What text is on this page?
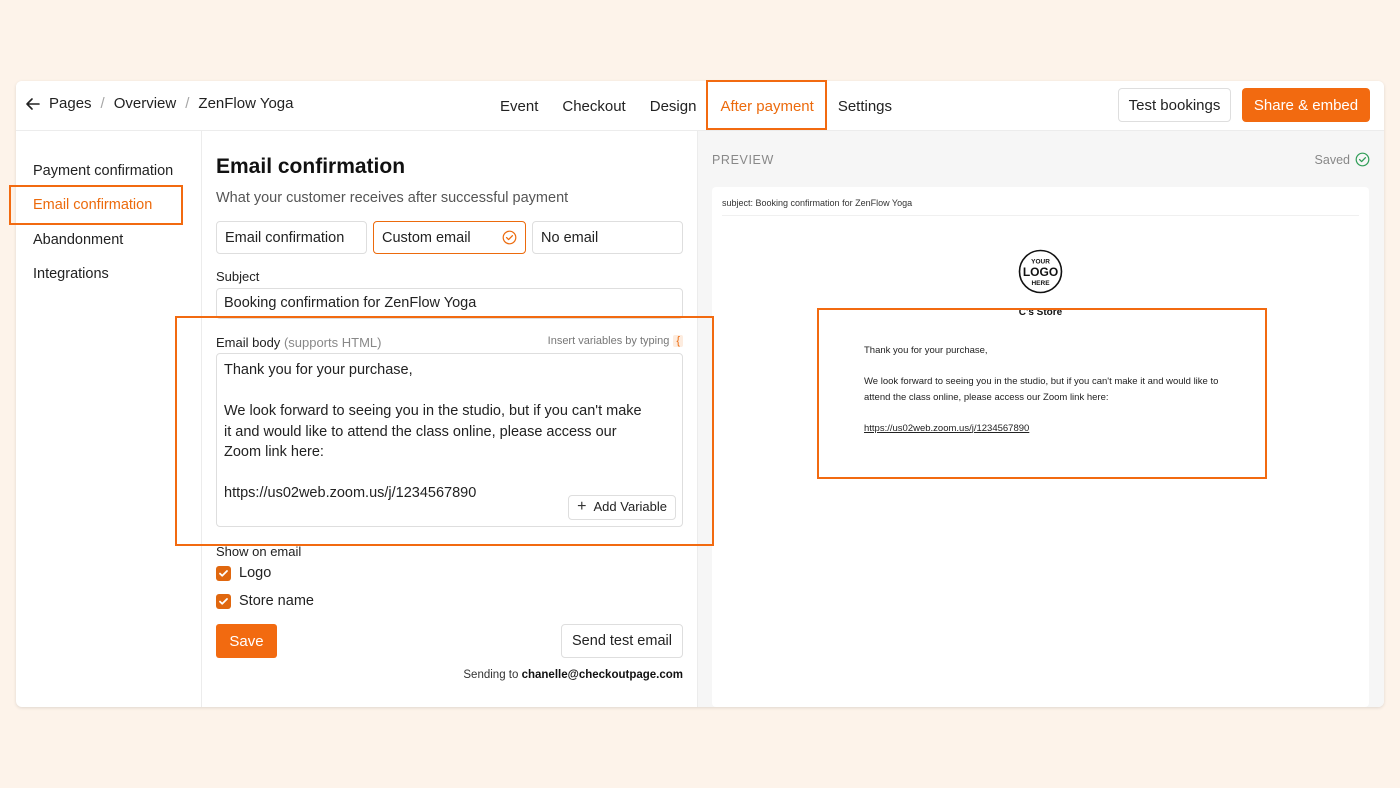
Pages / Overview / ZenFlow Yoga	Event	Checkout	Design	After payment	Settings	Test bookings	Share & embed
Payment confirmation
Email confirmation
Abandonment
Integrations
Email confirmation
What your customer receives after successful payment
Email confirmation	Custom email	No email
Subject
Booking confirmation for ZenFlow Yoga
Email body (supports HTML)	Insert variables by typing {

Thank you for your purchase,

We look forward to seeing you in the studio, but if you can't make

it and would like to attend the class online, please access our

Zoom link here:

https://us02web.zoom.us/j/1234567890

+ Add Variable
Show on email
Logo
Store name
Save	Send test email
Sending to chanelle@checkoutpage.com
PREVIEW	Saved
subject: Booking confirmation for ZenFlow Yoga
YOUR
LOGO
HERE
C's Store

Thank you for your purchase,

We look forward to seeing you in the studio, but if you can't make it and would like to attend the class online, please access our Zoom link here:

https://us02web.zoom.us/j/1234567890
